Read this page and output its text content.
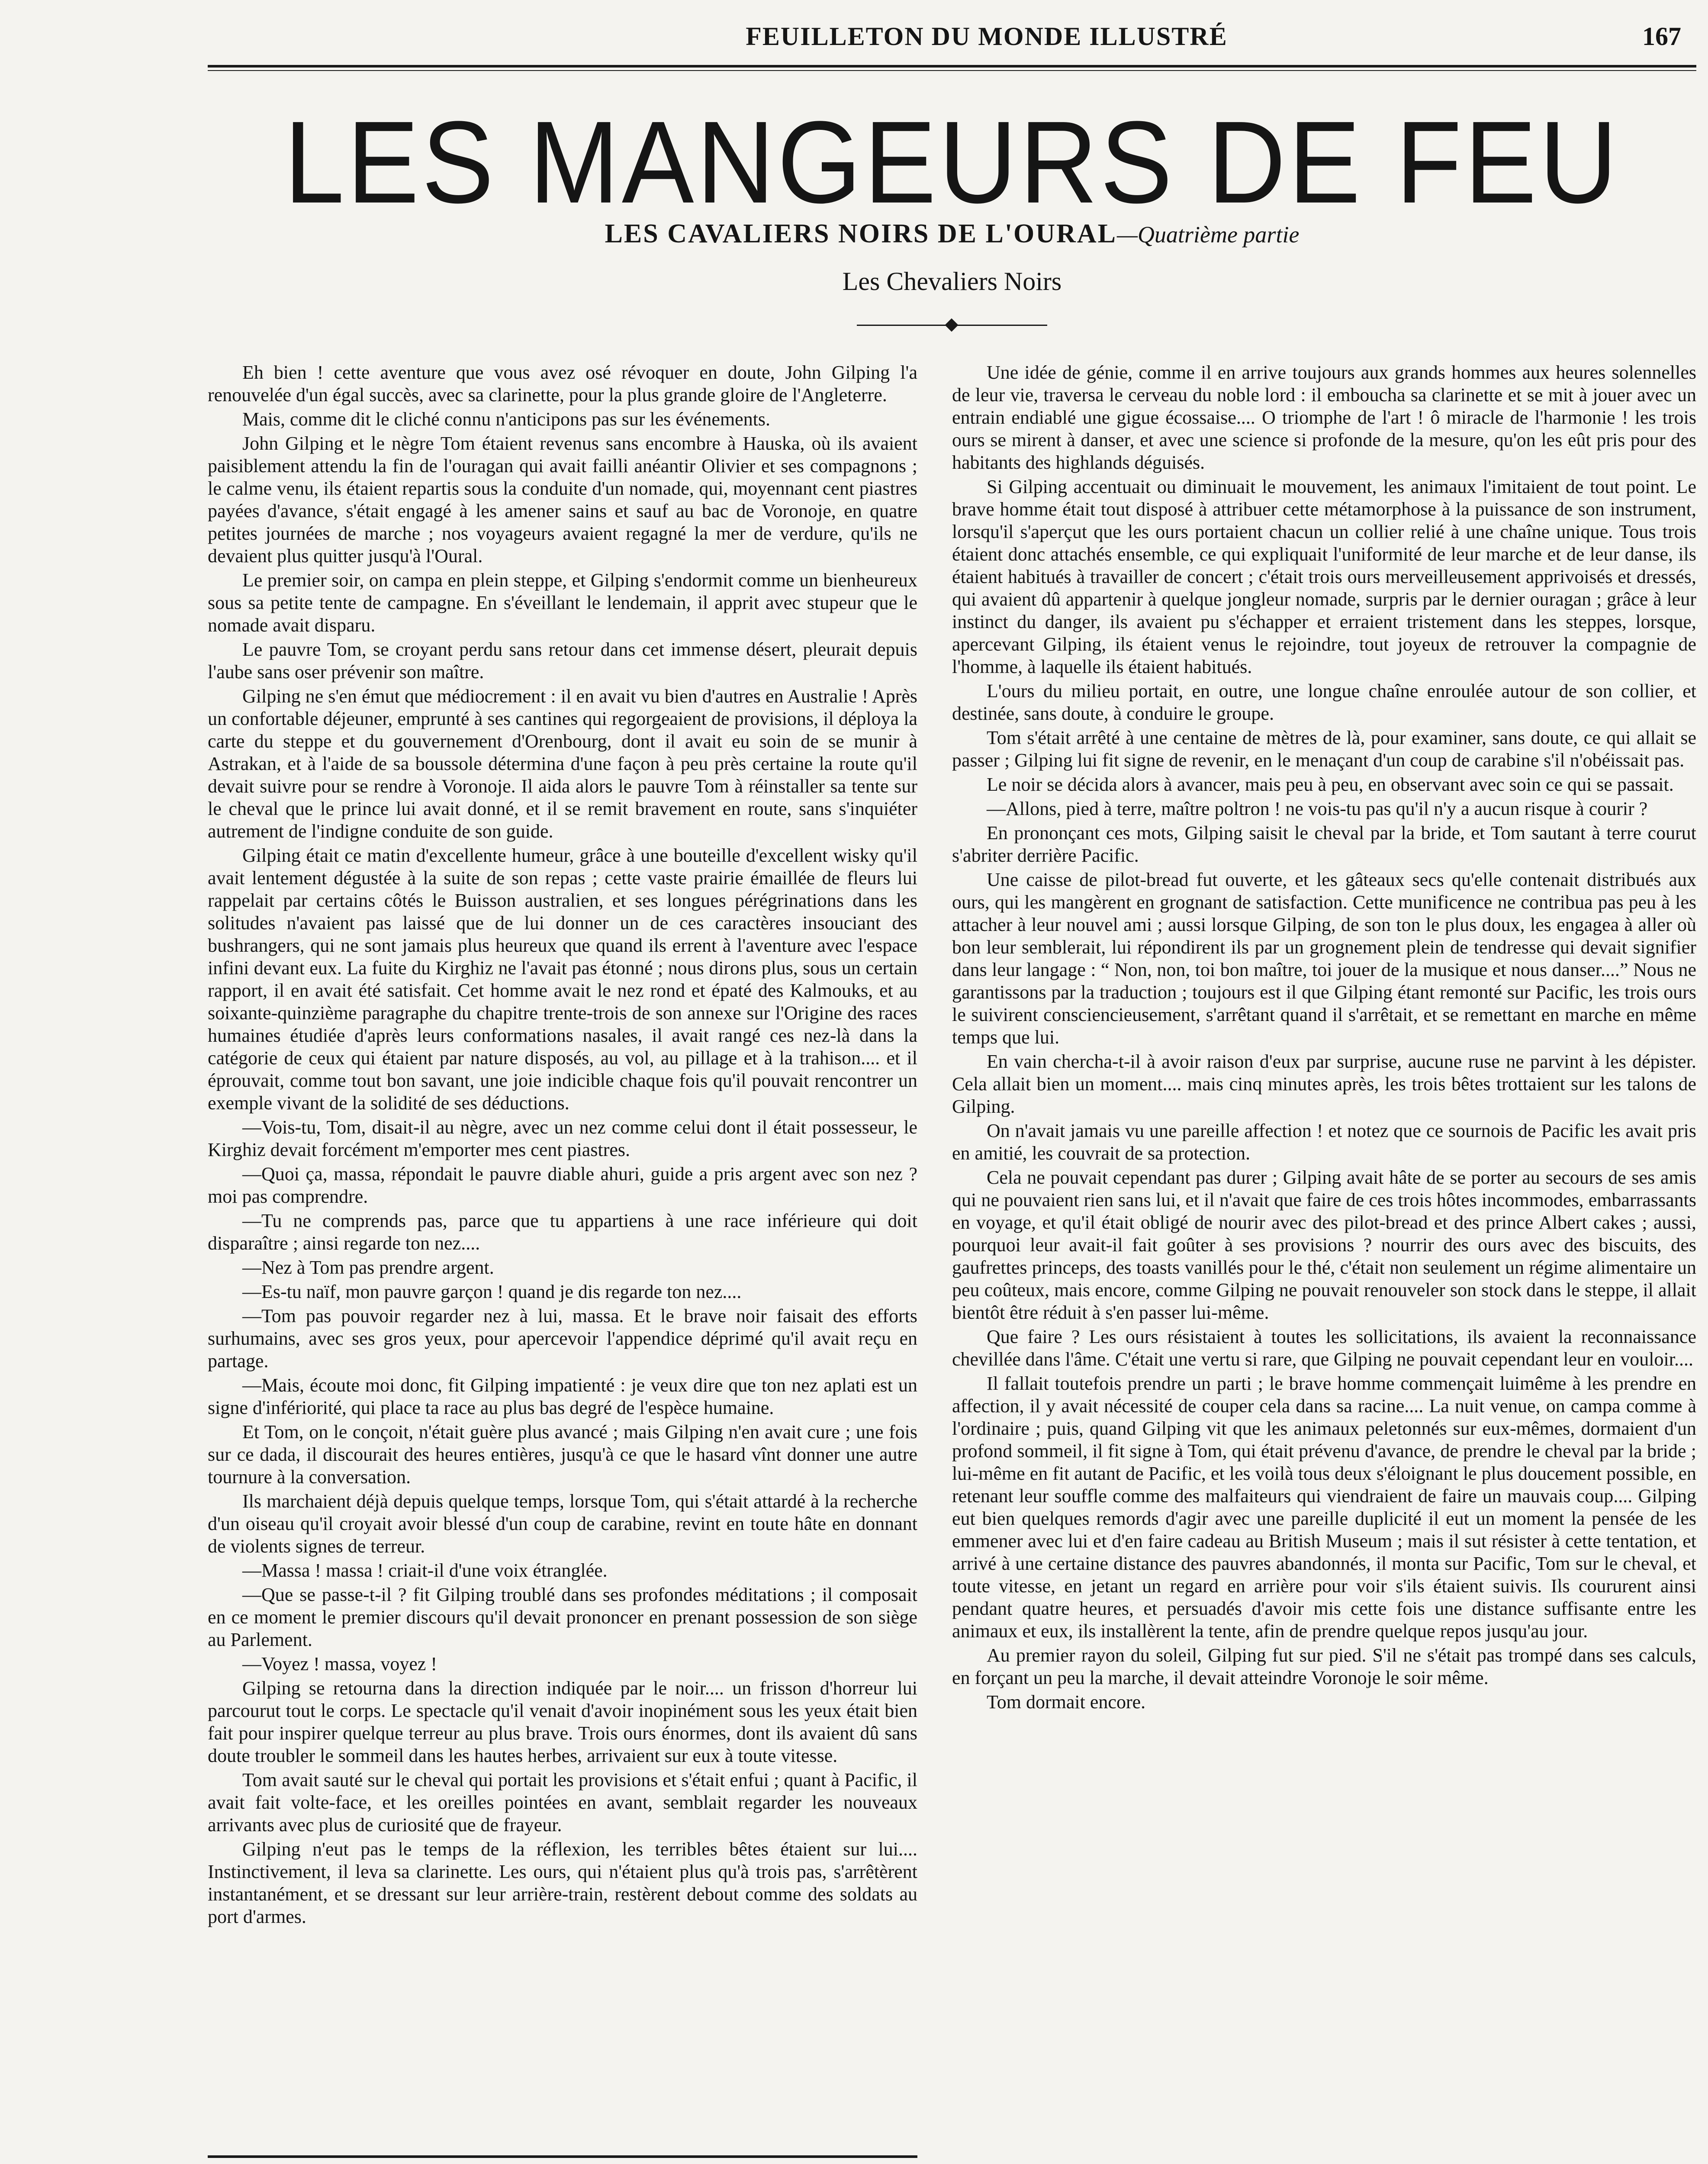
FEUILLETON DU MONDE ILLUSTRÉ	167
LES MANGEURS DE FEU
LES CAVALIERS NOIRS DE L'OURAL—Quatrième partie
Les Chevaliers Noirs

Eh bien ! cette aventure que vous avez osé révoquer en doute, John Gilping l'a renouvelée d'un égal succès, avec sa clarinette, pour la plus grande gloire de l'Angleterre.

Mais, comme dit le cliché connu n'anticipons pas sur les événements.

John Gilping et le nègre Tom étaient revenus sans encombre à Hauska, où ils avaient paisiblement attendu la fin de l'ouragan qui avait failli anéantir Olivier et ses compagnons ; le calme venu, ils étaient repartis sous la conduite d'un nomade, qui, moyennant cent piastres payées d'avance, s'était engagé à les amener sains et sauf au bac de Voronoje, en quatre petites journées de marche ; nos voyageurs avaient regagné la mer de verdure, qu'ils ne devaient plus quitter jusqu'à l'Oural.

Le premier soir, on campa en plein steppe, et Gilping s'endormit comme un bienheureux sous sa petite tente de campagne. En s'éveillant le lendemain, il apprit avec stupeur que le nomade avait disparu.

Le pauvre Tom, se croyant perdu sans retour dans cet immense désert, pleurait depuis l'aube sans oser prévenir son maître.

Gilping ne s'en émut que médiocrement : il en avait vu bien d'autres en Australie ! Après un confortable déjeuner, emprunté à ses cantines qui regorgeaient de provisions, il déploya la carte du steppe et du gouvernement d'Orenbourg, dont il avait eu soin de se munir à Astrakan, et à l'aide de sa boussole détermina d'une façon à peu près certaine la route qu'il devait suivre pour se rendre à Voronoje. Il aida alors le pauvre Tom à réinstaller sa tente sur le cheval que le prince lui avait donné, et il se remit bravement en route, sans s'inquiéter autrement de l'indigne conduite de son guide.

Gilping était ce matin d'excellente humeur, grâce à une bouteille d'excellent wisky qu'il avait lentement dégustée à la suite de son repas ; cette vaste prairie émaillée de fleurs lui rappelait par certains côtés le Buisson australien, et ses longues pérégrinations dans les solitudes n'avaient pas laissé que de lui donner un de ces caractères insouciant des bushrangers, qui ne sont jamais plus heureux que quand ils errent à l'aventure avec l'espace infini devant eux. La fuite du Kirghiz ne l'avait pas étonné ; nous dirons plus, sous un certain rapport, il en avait été satisfait. Cet homme avait le nez rond et épaté des Kalmouks, et au soixante-quinzième paragraphe du chapitre trente-trois de son annexe sur l'Origine des races humaines étudiée d'après leurs conformations nasales, il avait rangé ces nez-là dans la catégorie de ceux qui étaient par nature disposés, au vol, au pillage et à la trahison.... et il éprouvait, comme tout bon savant, une joie indicible chaque fois qu'il pouvait rencontrer un exemple vivant de la solidité de ses déductions.

—Vois-tu, Tom, disait-il au nègre, avec un nez comme celui dont il était possesseur, le Kirghiz devait forcément m'emporter mes cent piastres.

—Quoi ça, massa, répondait le pauvre diable ahuri, guide a pris argent avec son nez ? moi pas comprendre.

—Tu ne comprends pas, parce que tu appartiens à une race inférieure qui doit disparaître ; ainsi regarde ton nez....

—Nez à Tom pas prendre argent.

—Es-tu naïf, mon pauvre garçon ! quand je dis regarde ton nez....

—Tom pas pouvoir regarder nez à lui, massa. Et le brave noir faisait des efforts surhumains, avec ses gros yeux, pour apercevoir l'appendice déprimé qu'il avait reçu en partage.

—Mais, écoute moi donc, fit Gilping impatienté : je veux dire que ton nez aplati est un signe d'infériorité, qui place ta race au plus bas degré de l'espèce humaine.

Et Tom, on le conçoit, n'était guère plus avancé ; mais Gilping n'en avait cure ; une fois sur ce dada, il discourait des heures entières, jusqu'à ce que le hasard vînt donner une autre tournure à la conversation.

Ils marchaient déjà depuis quelque temps, lorsque Tom, qui s'était attardé à la recherche d'un oiseau qu'il croyait avoir blessé d'un coup de carabine, revint en toute hâte en donnant de violents signes de terreur.

—Massa ! massa ! criait-il d'une voix étranglée.

—Que se passe-t-il ? fit Gilping troublé dans ses profondes méditations ; il composait en ce moment le premier discours qu'il devait prononcer en prenant possession de son siège au Parlement.

—Voyez ! massa, voyez !

Gilping se retourna dans la direction indiquée par le noir.... un frisson d'horreur lui parcourut tout le corps. Le spectacle qu'il venait d'avoir inopinément sous les yeux était bien fait pour inspirer quelque terreur au plus brave. Trois ours énormes, dont ils avaient dû sans doute troubler le sommeil dans les hautes herbes, arrivaient sur eux à toute vitesse.

Tom avait sauté sur le cheval qui portait les provisions et s'était enfui ; quant à Pacific, il avait fait volte-face, et les oreilles pointées en avant, semblait regarder les nouveaux arrivants avec plus de curiosité que de frayeur.

Gilping n'eut pas le temps de la réflexion, les terribles bêtes étaient sur lui.... Instinctivement, il leva sa clarinette. Les ours, qui n'étaient plus qu'à trois pas, s'arrêtèrent instantanément, et se dressant sur leur arrière-train, restèrent debout comme des soldats au port d'armes.

Une idée de génie, comme il en arrive toujours aux grands hommes aux heures solennelles de leur vie, traversa le cerveau du noble lord : il emboucha sa clarinette et se mit à jouer avec un entrain endiablé une gigue écossaise.... O triomphe de l'art ! ô miracle de l'harmonie ! les trois ours se mirent à danser, et avec une science si profonde de la mesure, qu'on les eût pris pour des habitants des highlands déguisés.

Si Gilping accentuait ou diminuait le mouvement, les animaux l'imitaient de tout point. Le brave homme était tout disposé à attribuer cette métamorphose à la puissance de son instrument, lorsqu'il s'aperçut que les ours portaient chacun un collier relié à une chaîne unique. Tous trois étaient donc attachés ensemble, ce qui expliquait l'uniformité de leur marche et de leur danse, ils étaient habitués à travailler de concert ; c'était trois ours merveilleusement apprivoisés et dressés, qui avaient dû appartenir à quelque jongleur nomade, surpris par le dernier ouragan ; grâce à leur instinct du danger, ils avaient pu s'échapper et erraient tristement dans les steppes, lorsque, apercevant Gilping, ils étaient venus le rejoindre, tout joyeux de retrouver la compagnie de l'homme, à laquelle ils étaient habitués.

L'ours du milieu portait, en outre, une longue chaîne enroulée autour de son collier, et destinée, sans doute, à conduire le groupe.

Tom s'était arrêté à une centaine de mètres de là, pour examiner, sans doute, ce qui allait se passer ; Gilping lui fit signe de revenir, en le menaçant d'un coup de carabine s'il n'obéissait pas.

Le noir se décida alors à avancer, mais peu à peu, en observant avec soin ce qui se passait.

—Allons, pied à terre, maître poltron ! ne vois-tu pas qu'il n'y a aucun risque à courir ?

En prononçant ces mots, Gilping saisit le cheval par la bride, et Tom sautant à terre courut s'abriter derrière Pacific.

Une caisse de pilot-bread fut ouverte, et les gâteaux secs qu'elle contenait distribués aux ours, qui les mangèrent en grognant de satisfaction. Cette munificence ne contribua pas peu à les attacher à leur nouvel ami ; aussi lorsque Gilping, de son ton le plus doux, les engagea à aller où bon leur semblerait, lui répondirent ils par un grognement plein de tendresse qui devait signifier dans leur langage : “ Non, non, toi bon maître, toi jouer de la musique et nous danser....” Nous ne garantissons par la traduction ; toujours est il que Gilping étant remonté sur Pacific, les trois ours le suivirent consciencieusement, s'arrêtant quand il s'arrêtait, et se remettant en marche en même temps que lui.

En vain chercha-t-il à avoir raison d'eux par surprise, aucune ruse ne parvint à les dépister. Cela allait bien un moment.... mais cinq minutes après, les trois bêtes trottaient sur les talons de Gilping.

On n'avait jamais vu une pareille affection ! et notez que ce sournois de Pacific les avait pris en amitié, les couvrait de sa protection.

Cela ne pouvait cependant pas durer ; Gilping avait hâte de se porter au secours de ses amis qui ne pouvaient rien sans lui, et il n'avait que faire de ces trois hôtes incommodes, embarrassants en voyage, et qu'il était obligé de nourir avec des pilot-bread et des prince Albert cakes ; aussi, pourquoi leur avait-il fait goûter à ses provisions ? nourrir des ours avec des biscuits, des gaufrettes princeps, des toasts vanillés pour le thé, c'était non seulement un régime alimentaire un peu coûteux, mais encore, comme Gilping ne pouvait renouveler son stock dans le steppe, il allait bientôt être réduit à s'en passer lui-même.

Que faire ? Les ours résistaient à toutes les sollicitations, ils avaient la reconnaissance chevillée dans l'âme. C'était une vertu si rare, que Gilping ne pouvait cependant leur en vouloir....

Il fallait toutefois prendre un parti ; le brave homme commençait luimême à les prendre en affection, il y avait nécessité de couper cela dans sa racine.... La nuit venue, on campa comme à l'ordinaire ; puis, quand Gilping vit que les animaux peletonnés sur eux-mêmes, dormaient d'un profond sommeil, il fit signe à Tom, qui était prévenu d'avance, de prendre le cheval par la bride ; lui-même en fit autant de Pacific, et les voilà tous deux s'éloignant le plus doucement possible, en retenant leur souffle comme des malfaiteurs qui viendraient de faire un mauvais coup.... Gilping eut bien quelques remords d'agir avec une pareille duplicité il eut un moment la pensée de les emmener avec lui et d'en faire cadeau au British Museum ; mais il sut résister à cette tentation, et arrivé à une certaine distance des pauvres abandonnés, il monta sur Pacific, Tom sur le cheval, et toute vitesse, en jetant un regard en arrière pour voir s'ils étaient suivis. Ils coururent ainsi pendant quatre heures, et persuadés d'avoir mis cette fois une distance suffisante entre les animaux et eux, ils installèrent la tente, afin de prendre quelque repos jusqu'au jour.

Au premier rayon du soleil, Gilping fut sur pied. S'il ne s'était pas trompé dans ses calculs, en forçant un peu la marche, il devait atteindre Voronoje le soir même.

Tom dormait encore.
